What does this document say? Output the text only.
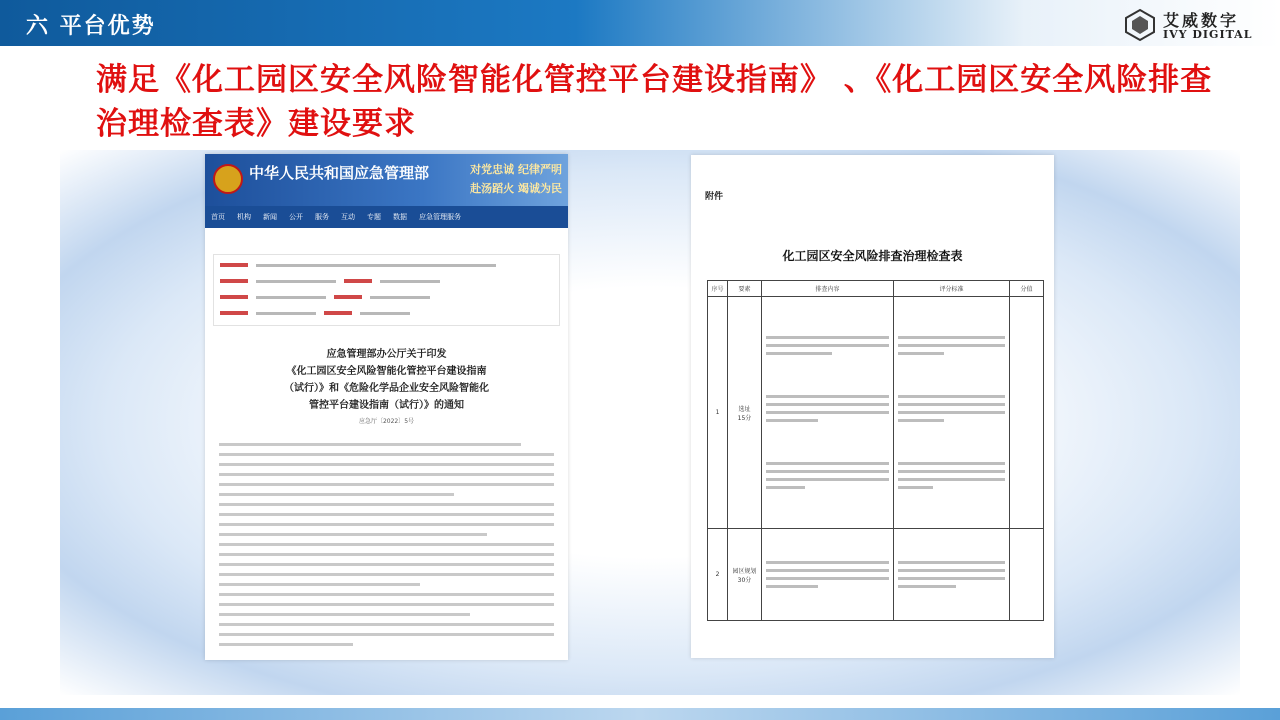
六 平台优势	艾威数字
IVY DIGITAL
满足《化工园区安全风险智能化管控平台建设指南》 、《化工园区安全风险排查治理检查表》建设要求
中华人民共和国应急管理部	对党忠诚 纪律严明
赴汤蹈火 竭诚为民
首页 机构 新闻 公开 服务 互动 专题 数据 应急管理服务
应急管理部办公厅关于印发
《化工园区安全风险智能化管控平台建设指南
（试行）》和《危险化学品企业安全风险智能化
管控平台建设指南（试行）》的通知
应急厅〔2022〕5号
附件
化工园区安全风险排查治理检查表
序号	要素	排查内容	评分标准	分值
1	选址
15分			

2	园区规划
30分			
